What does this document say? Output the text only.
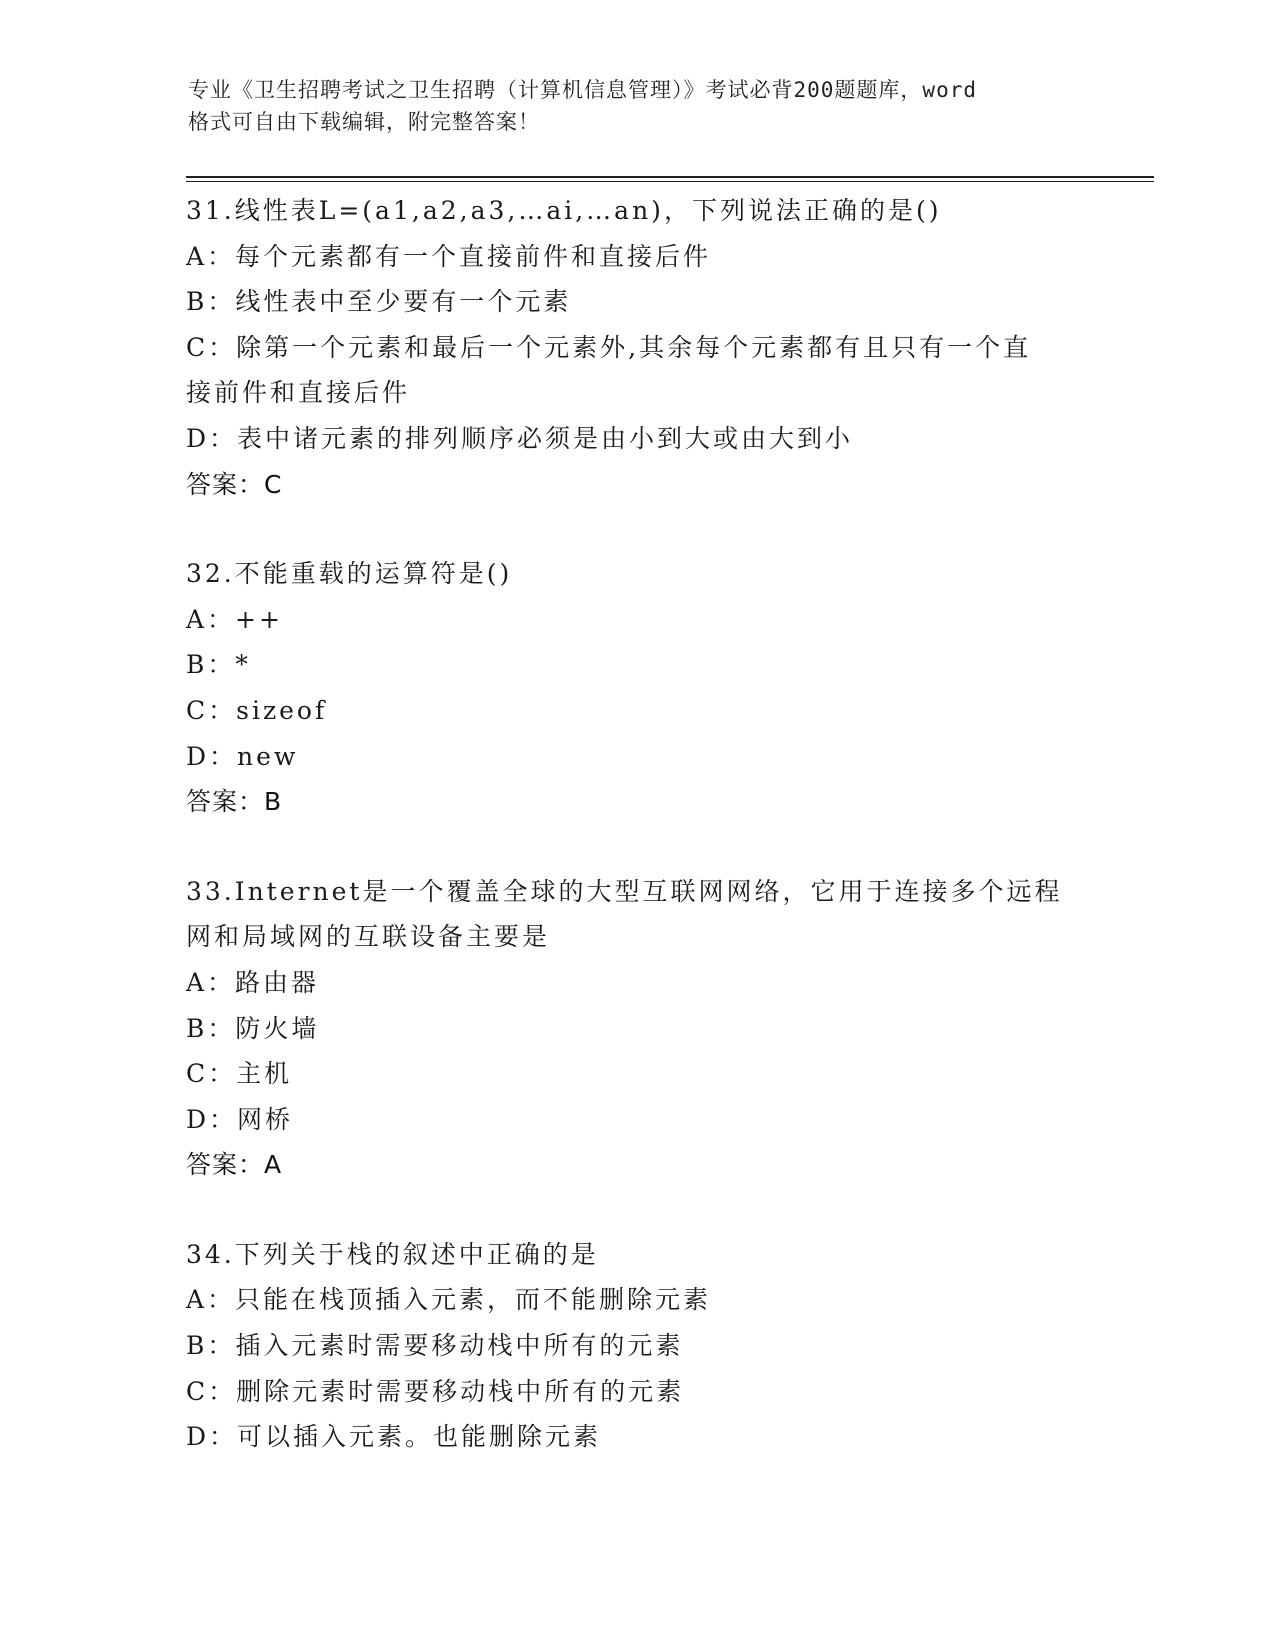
专业《卫生招聘考试之卫生招聘（计算机信息管理）》考试必背200题题库，word
格式可自由下载编辑，附完整答案！
31.线性表L=(a1,a2,a3,…ai,…an)，下列说法正确的是()
A：每个元素都有一个直接前件和直接后件
B：线性表中至少要有一个元素
C：除第一个元素和最后一个元素外,其余每个元素都有且只有一个直
接前件和直接后件
D：表中诸元素的排列顺序必须是由小到大或由大到小
答案：C
32.不能重载的运算符是()
A：++
B：*
C：sizeof
D：new
答案：B
33.Internet是一个覆盖全球的大型互联网网络，它用于连接多个远程
网和局域网的互联设备主要是
A：路由器
B：防火墙
C：主机
D：网桥
答案：A
34.下列关于栈的叙述中正确的是
A：只能在栈顶插入元素，而不能删除元素
B：插入元素时需要移动栈中所有的元素
C：删除元素时需要移动栈中所有的元素
D：可以插入元素。也能删除元素
